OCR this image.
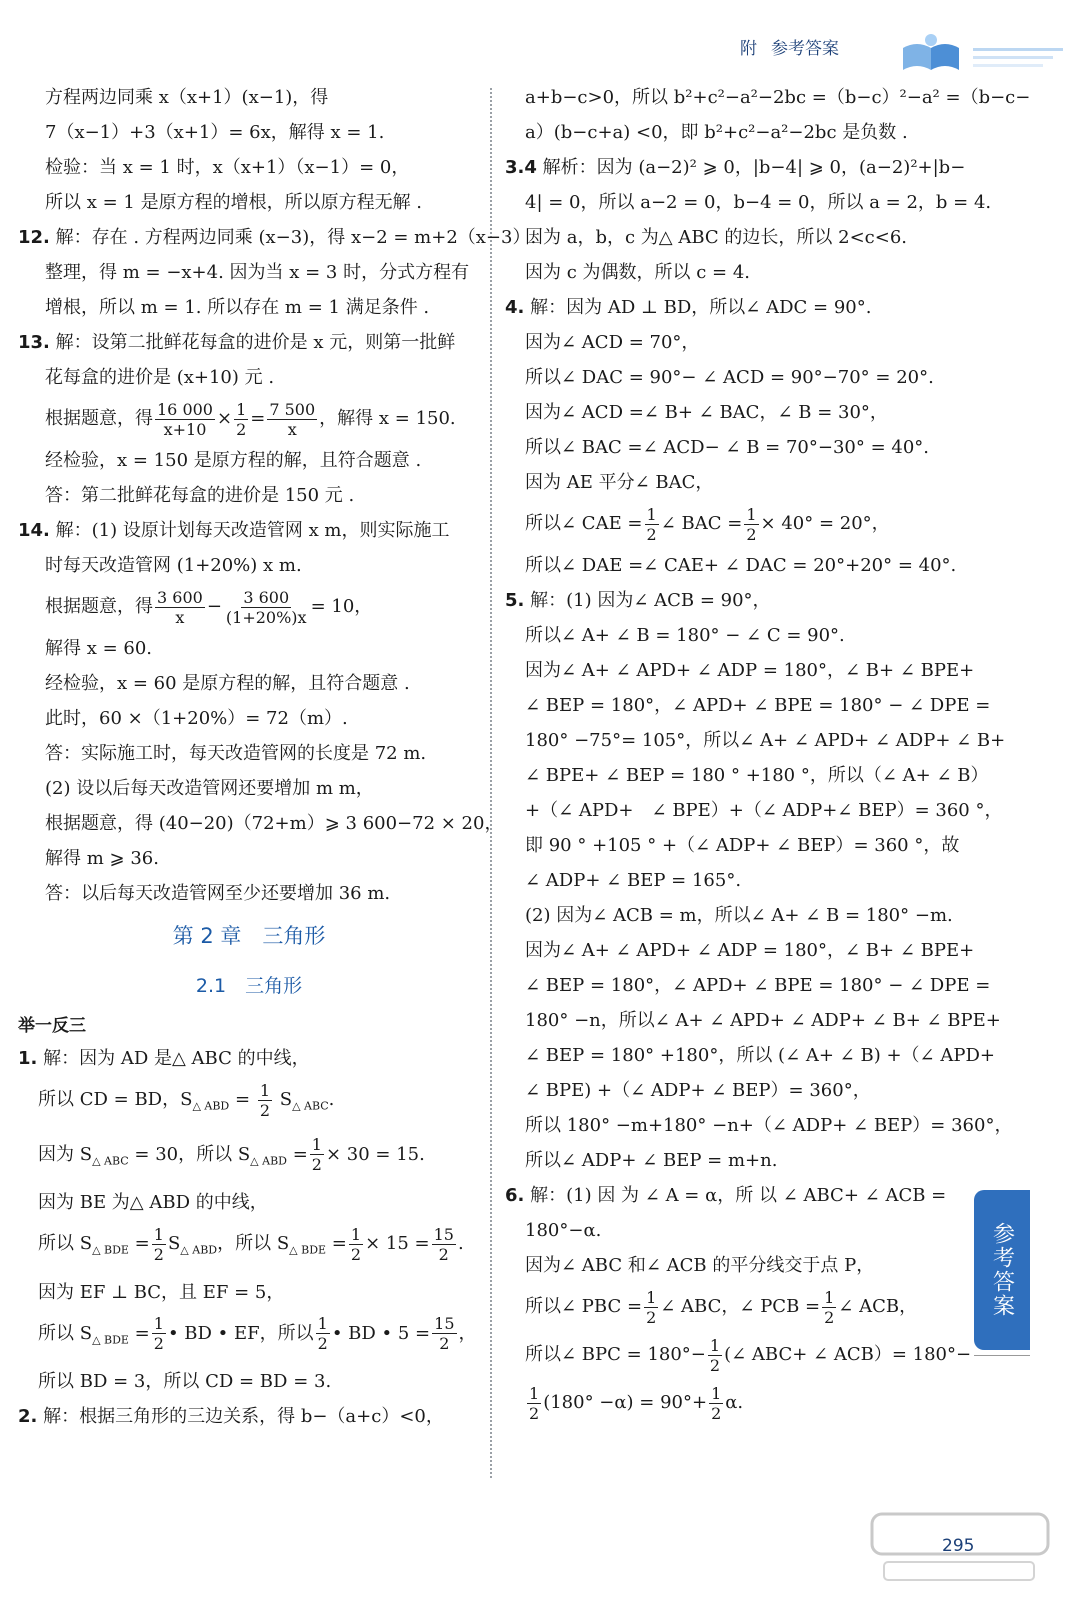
附 参考答案
方程两边同乘 x（x+1）(x−1)，得
7（x−1）+3（x+1）= 6x，解得 x = 1.
检验：当 x = 1 时，x（x+1）（x−1）= 0，
所以 x = 1 是原方程的增根，所以原方程无解 .
12. 解：存在 . 方程两边同乘 (x−3)，得 x−2 = m+2（x−3）.
整理，得 m = −x+4. 因为当 x = 3 时，分式方程有
增根，所以 m = 1. 所以存在 m = 1 满足条件 .
13. 解：设第二批鲜花每盒的进价是 x 元，则第一批鲜
花每盒的进价是 (x+10) 元 .
根据题意，得 $\frac{16 000}{x+10} \times \frac{1}{2} = \frac{7 500}{x}$ ，解得 x = 150.
经检验，x = 150 是原方程的解，且符合题意 .
答：第二批鲜花每盒的进价是 150 元 .
14. 解：(1) 设原计划每天改造管网 x m，则实际施工
时每天改造管网 (1+20%) x m.
根据题意，得 $\frac{3 600}{x} - \frac{3 600}{(1+20\%)x} = 10$，
解得 x = 60.
经检验，x = 60 是原方程的解，且符合题意 .
此时，60 ×（1+20%）= 72（m）.
答：实际施工时，每天改造管网的长度是 72 m.
(2) 设以后每天改造管网还要增加 m m，
根据题意，得 (40−20)（72+m）⩾ 3 600−72 × 20，
解得 m ⩾ 36.
答：以后每天改造管网至少还要增加 36 m.
第 2 章　三角形
2.1　三角形
举一反三
1. 解：因为 AD 是△ ABC 的中线，
所以 CD = BD，$S_{\triangle ABD} = \frac{1}{2} S_{\triangle ABC}$.
因为 $S_{\triangle ABC} = 30$，所以 $S_{\triangle ABD} = \frac{1}{2} \times 30 = 15$.
因为 BE 为△ ABD 的中线，
所以 $S_{\triangle BDE} = \frac{1}{2} S_{\triangle ABD}$，所以 $S_{\triangle BDE} = \frac{1}{2} \times 15 = \frac{15}{2}$ .
因为 EF ⊥ BC，且 EF = 5，
所以 $S_{\triangle BDE} = \frac{1}{2}$ • BD • EF，所以 $\frac{1}{2}$ • BD • $5 = \frac{15}{2}$ ，
所以 BD = 3，所以 CD = BD = 3.
2. 解：根据三角形的三边关系，得 b−（a+c）<0，
a+b−c>0，所以 b²+c²−a²−2bc =（b−c）²−a² =（b−c−
a）(b−c+a) <0，即 b²+c²−a²−2bc 是负数 .
3.4 解析：因为 (a−2)² ⩾ 0，|b−4| ⩾ 0，(a−2)²+|b−
4| = 0，所以 a−2 = 0，b−4 = 0，所以 a = 2，b = 4.
因为 a，b，c 为△ ABC 的边长，所以 2<c<6.
因为 c 为偶数，所以 c = 4.
4. 解：因为 AD ⊥ BD，所以∠ ADC = 90°.
因为∠ ACD = 70°，
所以∠ DAC = 90°− ∠ ACD = 90°−70° = 20°.
因为∠ ACD =∠ B+ ∠ BAC，∠ B = 30°，
所以∠ BAC =∠ ACD− ∠ B = 70°−30° = 40°.
因为 AE 平分∠ BAC，
所以∠ CAE = $\frac{1}{2}$ ∠ BAC = $\frac{1}{2} \times 40^\circ = 20^\circ$，
所以∠ DAE =∠ CAE+ ∠ DAC = 20°+20° = 40°.
5. 解：(1) 因为∠ ACB = 90°，
所以∠ A+ ∠ B = 180° − ∠ C = 90°.
因为∠ A+ ∠ APD+ ∠ ADP = 180°，∠ B+ ∠ BPE+
∠ BEP = 180°，∠ APD+ ∠ BPE = 180° − ∠ DPE =
180° −75°= 105°，所以∠ A+ ∠ APD+ ∠ ADP+ ∠ B+
∠ BPE+ ∠ BEP = 180 ° +180 °，所以（∠ A+ ∠ B）
+（∠ APD+　∠ BPE）+（∠ ADP+∠ BEP）= 360 °，
即 90 ° +105 ° +（∠ ADP+ ∠ BEP）= 360 °，故
∠ ADP+ ∠ BEP = 165°.
(2) 因为∠ ACB = m，所以∠ A+ ∠ B = 180° −m.
因为∠ A+ ∠ APD+ ∠ ADP = 180°，∠ B+ ∠ BPE+
∠ BEP = 180°，∠ APD+ ∠ BPE = 180° − ∠ DPE =
180° −n，所以∠ A+ ∠ APD+ ∠ ADP+ ∠ B+ ∠ BPE+
∠ BEP = 180° +180°，所以 (∠ A+ ∠ B) +（∠ APD+
∠ BPE) +（∠ ADP+ ∠ BEP）= 360°，
所以 180° −m+180° −n+（∠ ADP+ ∠ BEP）= 360°，
所以∠ ADP+ ∠ BEP = m+n.
6. 解：(1) 因 为 ∠ A = α，所 以 ∠ ABC+ ∠ ACB =
180°−α.
因为∠ ABC 和∠ ACB 的平分线交于点 P，
所以∠ PBC = $\frac{1}{2}$ ∠ ABC，∠ PCB = $\frac{1}{2}$ ∠ ACB，
所以∠ BPC = $180^\circ- \frac{1}{2}$ (∠ ABC+ ∠ ACB）= 180°−
$\frac{1}{2} (180^\circ -\alpha) = 90^\circ+ \frac{1}{2} \alpha$.
参考答案
295
